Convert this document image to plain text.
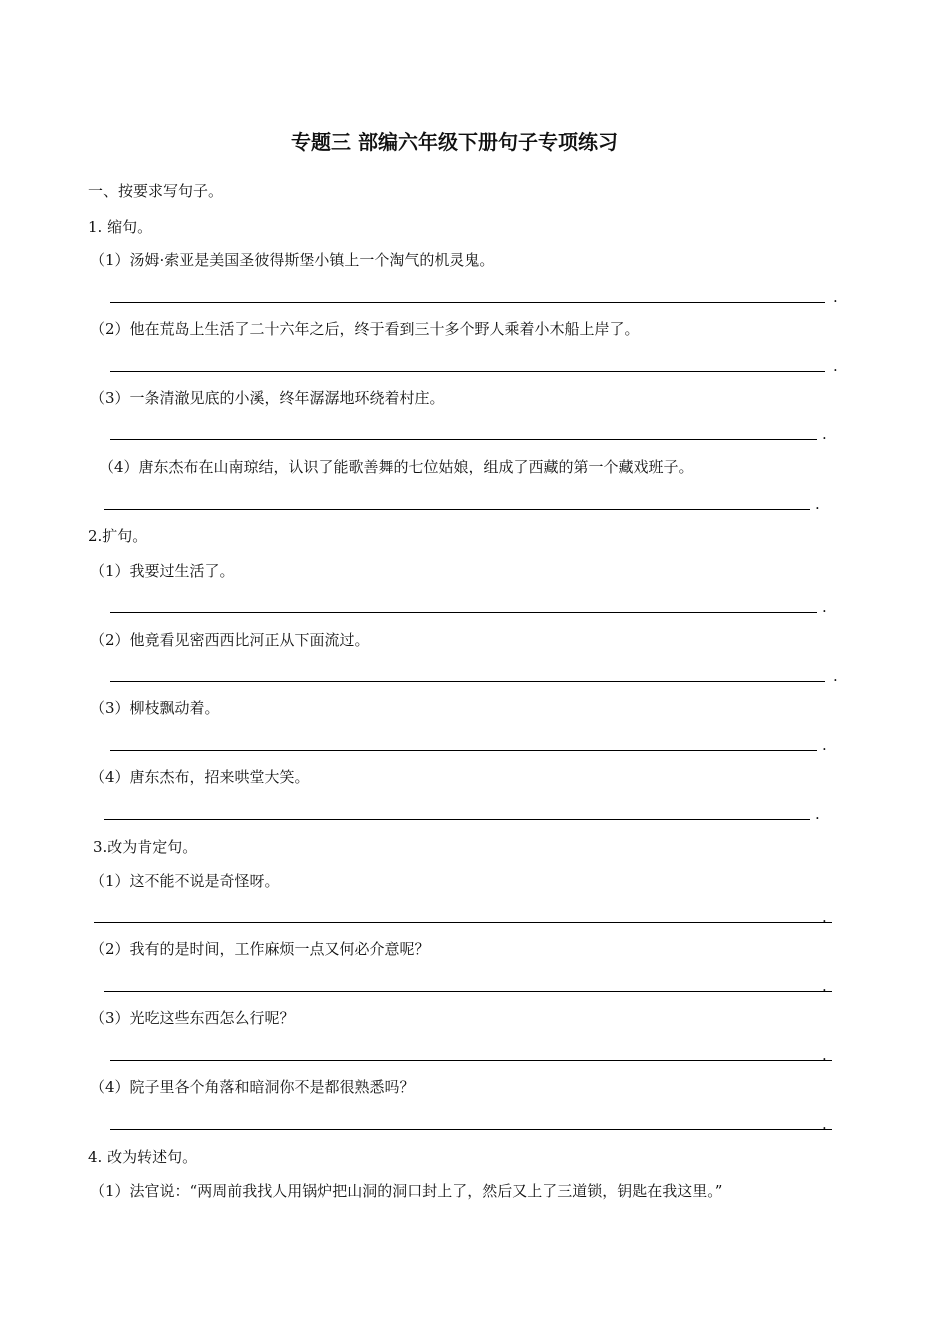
专题三 部编六年级下册句子专项练习
一、按要求写句子。
1. 缩句。
（1）汤姆·索亚是美国圣彼得斯堡小镇上一个淘气的机灵鬼。
.
（2）他在荒岛上生活了二十六年之后，终于看到三十多个野人乘着小木船上岸了。
.
（3）一条清澈见底的小溪，终年潺潺地环绕着村庄。
.
（4）唐东杰布在山南琼结，认识了能歌善舞的七位姑娘，组成了西藏的第一个藏戏班子。
.
2.扩句。
（1）我要过生活了。
.
（2）他竟看见密西西比河正从下面流过。
.
（3）柳枝飘动着。
.
（4）唐东杰布，招来哄堂大笑。
.
3.改为肯定句。
（1）这不能不说是奇怪呀。
.
（2）我有的是时间，工作麻烦一点又何必介意呢？
.
（3）光吃这些东西怎么行呢？
.
（4）院子里各个角落和暗洞你不是都很熟悉吗？
.
4. 改为转述句。
（1）法官说：“两周前我找人用锅炉把山洞的洞口封上了，然后又上了三道锁，钥匙在我这里。”
